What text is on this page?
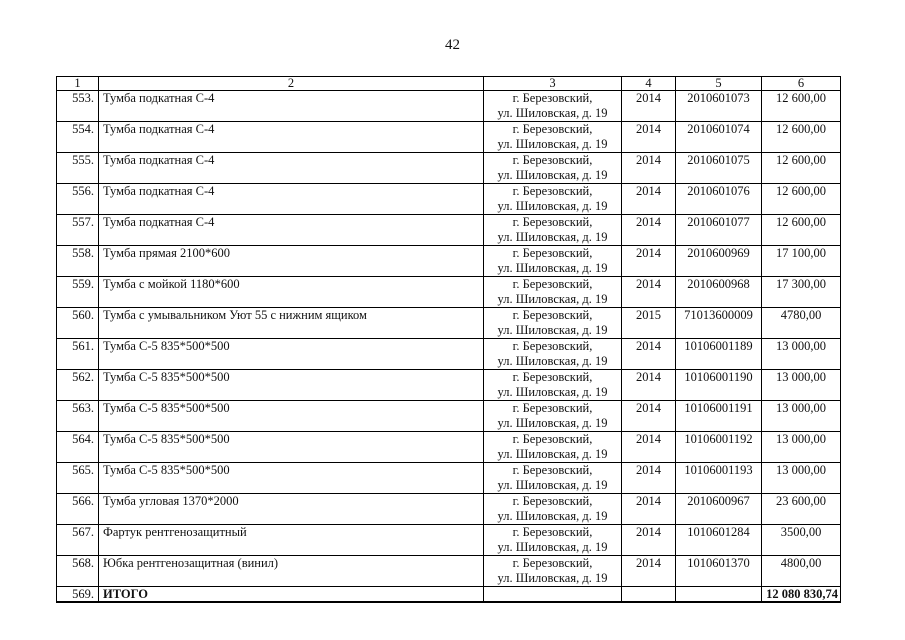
42
1	2	3	4	5	6
553.	Тумба подкатная С-4	г. Березовский,
ул. Шиловская, д. 19	2014	2010601073	12 600,00
554.	Тумба подкатная С-4	г. Березовский,
ул. Шиловская, д. 19	2014	2010601074	12 600,00
555.	Тумба подкатная С-4	г. Березовский,
ул. Шиловская, д. 19	2014	2010601075	12 600,00
556.	Тумба подкатная С-4	г. Березовский,
ул. Шиловская, д. 19	2014	2010601076	12 600,00
557.	Тумба подкатная С-4	г. Березовский,
ул. Шиловская, д. 19	2014	2010601077	12 600,00
558.	Тумба прямая 2100*600	г. Березовский,
ул. Шиловская, д. 19	2014	2010600969	17 100,00
559.	Тумба с мойкой 1180*600	г. Березовский,
ул. Шиловская, д. 19	2014	2010600968	17 300,00
560.	Тумба с умывальником Уют 55 с нижним ящиком	г. Березовский,
ул. Шиловская, д. 19	2015	71013600009	4780,00
561.	Тумба С-5 835*500*500	г. Березовский,
ул. Шиловская, д. 19	2014	10106001189	13 000,00
562.	Тумба С-5 835*500*500	г. Березовский,
ул. Шиловская, д. 19	2014	10106001190	13 000,00
563.	Тумба С-5 835*500*500	г. Березовский,
ул. Шиловская, д. 19	2014	10106001191	13 000,00
564.	Тумба С-5 835*500*500	г. Березовский,
ул. Шиловская, д. 19	2014	10106001192	13 000,00
565.	Тумба С-5 835*500*500	г. Березовский,
ул. Шиловская, д. 19	2014	10106001193	13 000,00
566.	Тумба угловая 1370*2000	г. Березовский,
ул. Шиловская, д. 19	2014	2010600967	23 600,00
567.	Фартук рентгенозащитный	г. Березовский,
ул. Шиловская, д. 19	2014	1010601284	3500,00
568.	Юбка рентгенозащитная (винил)	г. Березовский,
ул. Шиловская, д. 19	2014	1010601370	4800,00
569.	ИТОГО				12 080 830,74
